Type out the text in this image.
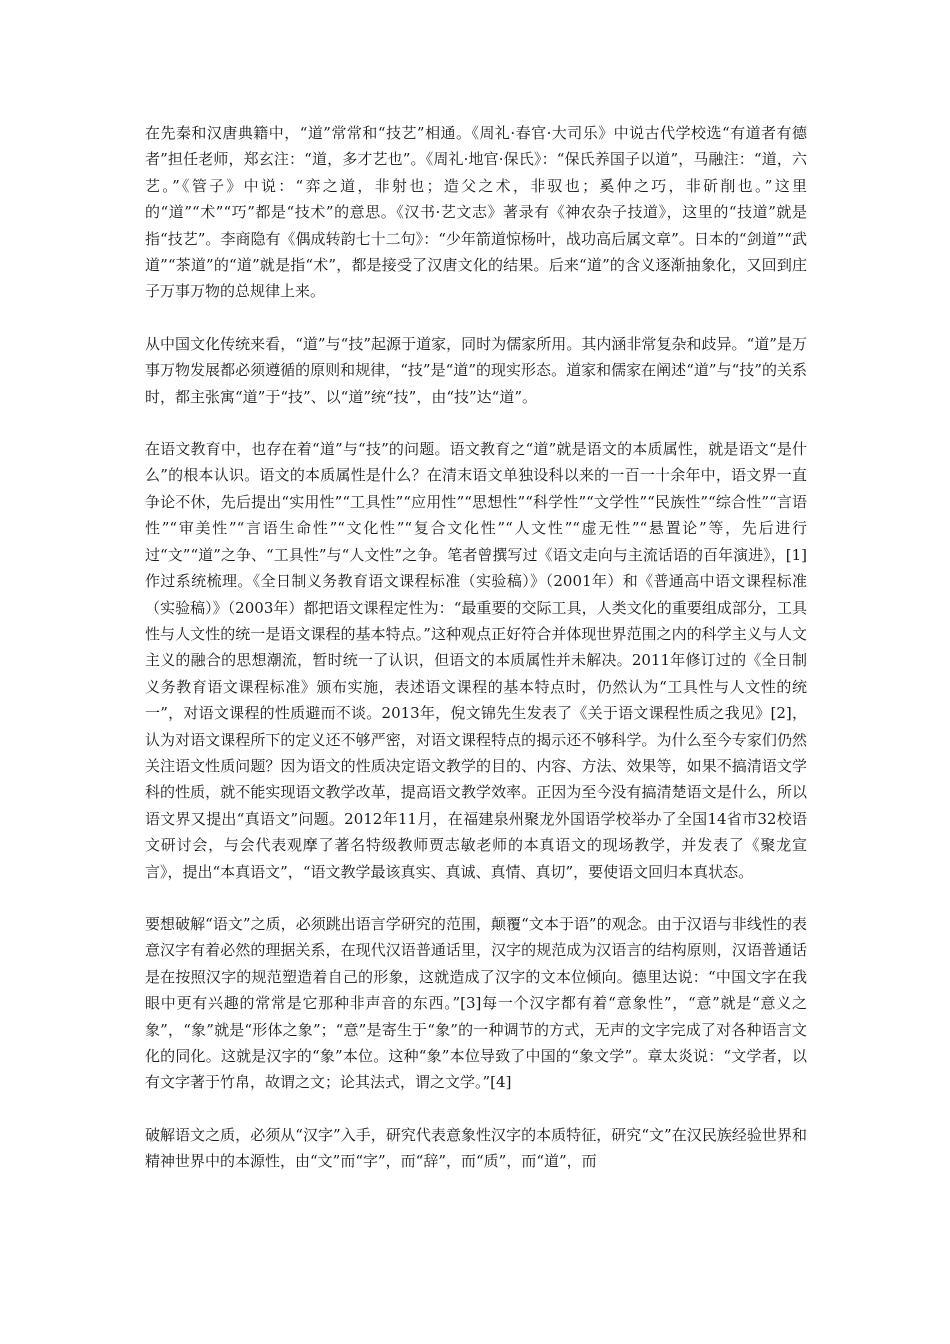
在先秦和汉唐典籍中，“道”常常和“技艺”相通。《周礼·春官·大司乐》中说古代学校选“有道者有德者”担任老师，郑玄注：“道，多才艺也”。《周礼·地官·保氏》：“保氏养国子以道”，马融注：“道，六艺。”《管子》中说：“弈之道，非射也；造父之术，非驭也；奚仲之巧，非斫削也。”这里的“道”“术”“巧”都是“技术”的意思。《汉书·艺文志》著录有《神农杂子技道》，这里的“技道”就是指“技艺”。李商隐有《偶成转韵七十二句》：“少年箭道惊杨叶，战功高后属文章”。日本的“剑道”“武道”“茶道”的“道”就是指“术”，都是接受了汉唐文化的结果。后来“道”的含义逐渐抽象化，又回到庄子万事万物的总规律上来。

从中国文化传统来看，“道”与“技”起源于道家，同时为儒家所用。其内涵非常复杂和歧异。“道”是万事万物发展都必须遵循的原则和规律，“技”是“道”的现实形态。道家和儒家在阐述“道”与“技”的关系时，都主张寓“道”于“技”、以“道”统“技”，由“技”达“道”。

在语文教育中，也存在着“道”与“技”的问题。语文教育之“道”就是语文的本质属性，就是语文“是什么”的根本认识。语文的本质属性是什么？在清末语文单独设科以来的一百一十余年中，语文界一直争论不休，先后提出“实用性”“工具性”“应用性”“思想性”“科学性”“文学性”“民族性”“综合性”“言语性”“审美性”“言语生命性”“文化性”“复合文化性”“人文性”“虚无性”“悬置论”等，先后进行过“文”“道”之争、“工具性”与“人文性”之争。笔者曾撰写过《语文走向与主流话语的百年演进》，[1]作过系统梳理。《全日制义务教育语文课程标准（实验稿）》（2001年）和《普通高中语文课程标准（实验稿）》（2003年）都把语文课程定性为：“最重要的交际工具，人类文化的重要组成部分，工具性与人文性的统一是语文课程的基本特点。”这种观点正好符合并体现世界范围之内的科学主义与人文主义的融合的思想潮流，暂时统一了认识，但语文的本质属性并未解决。2011年修订过的《全日制义务教育语文课程标准》颁布实施，表述语文课程的基本特点时，仍然认为“工具性与人文性的统一”，对语文课程的性质避而不谈。2013年，倪文锦先生发表了《关于语文课程性质之我见》[2]，认为对语文课程所下的定义还不够严密，对语文课程特点的揭示还不够科学。为什么至今专家们仍然关注语文性质问题？因为语文的性质决定语文教学的目的、内容、方法、效果等，如果不搞清语文学科的性质，就不能实现语文教学改革，提高语文教学效率。正因为至今没有搞清楚语文是什么，所以语文界又提出“真语文”问题。2012年11月，在福建泉州聚龙外国语学校举办了全国14省市32校语文研讨会，与会代表观摩了著名特级教师贾志敏老师的本真语文的现场教学，并发表了《聚龙宣言》，提出“本真语文”，“语文教学最该真实、真诚、真情、真切”，要使语文回归本真状态。

要想破解“语文”之质，必须跳出语言学研究的范围，颠覆“文本于语”的观念。由于汉语与非线性的表意汉字有着必然的理据关系，在现代汉语普通话里，汉字的规范成为汉语言的结构原则，汉语普通话是在按照汉字的规范塑造着自己的形象，这就造成了汉字的文本位倾向。德里达说：“中国文字在我眼中更有兴趣的常常是它那种非声音的东西。”[3]每一个汉字都有着“意象性”，“意”就是“意义之象”，“象”就是“形体之象”；“意”是寄生于“象”的一种调节的方式，无声的文字完成了对各种语言文化的同化。这就是汉字的“象”本位。这种“象”本位导致了中国的“象文学”。章太炎说：“文学者，以有文字著于竹帛，故谓之文；论其法式，谓之文学。”[4]

破解语文之质，必须从“汉字”入手，研究代表意象性汉字的本质特征，研究“文”在汉民族经验世界和精神世界中的本源性，由“文”而“字”，而“辞”，而“质”，而“道”，而
